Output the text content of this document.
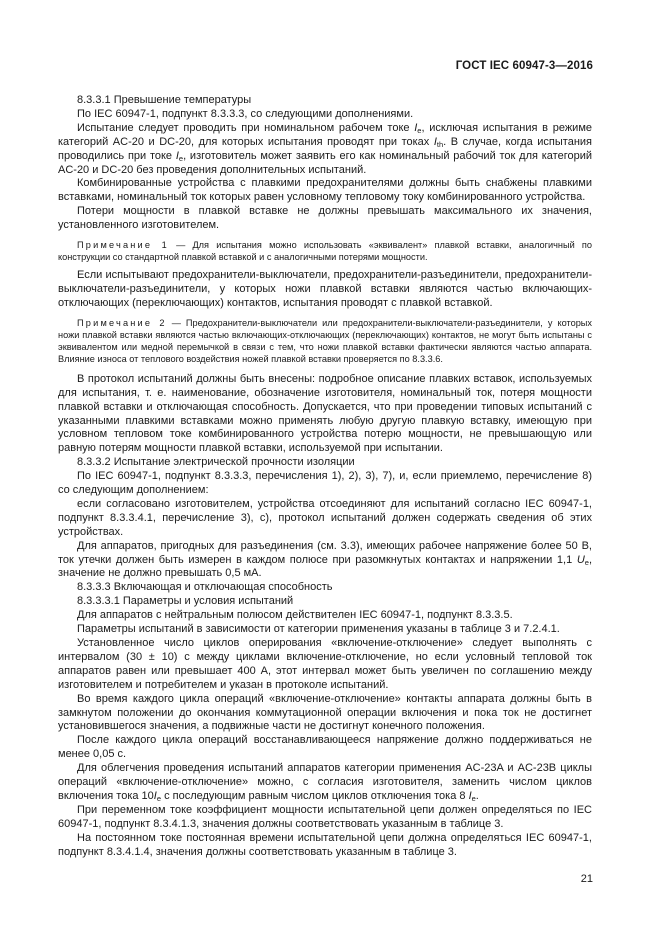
ГОСТ IEC 60947-3—2016

8.3.3.1 Превышение температуры

По IEC 60947-1, подпункт 8.3.3.3, со следующими дополнениями.

Испытание следует проводить при номинальном рабочем токе $I_e$, исключая испытания в режиме категорий AC-20 и DC-20, для которых испытания проводят при токах $I_{th}$. В случае, когда испытания проводились при токе $I_e$, изготовитель может заявить его как номинальный рабочий ток для категорий AC-20 и DC-20 без проведения дополнительных испытаний.

Комбинированные устройства с плавкими предохранителями должны быть снабжены плавкими вставками, номинальный ток которых равен условному тепловому току комбинированного устройства.

Потери мощности в плавкой вставке не должны превышать максимального их значения, установленного изготовителем.

Примечание 1 — Для испытания можно использовать «эквивалент» плавкой вставки, аналогичный по конструкции со стандартной плавкой вставкой и с аналогичными потерями мощности.

Если испытывают предохранители-выключатели, предохранители-разъединители, предохранители-выключатели-разъединители, у которых ножи плавкой вставки являются частью включающих-отключающих (переключающих) контактов, испытания проводят с плавкой вставкой.

Примечание 2 — Предохранители-выключатели или предохранители-выключатели-разъединители, у которых ножи плавкой вставки являются частью включающих-отключающих (переключающих) контактов, не могут быть испытаны с эквивалентом или медной перемычкой в связи с тем, что ножи плавкой вставки фактически являются частью аппарата. Влияние износа от теплового воздействия ножей плавкой вставки проверяется по 8.3.3.6.

В протокол испытаний должны быть внесены: подробное описание плавких вставок, используемых для испытания, т. е. наименование, обозначение изготовителя, номинальный ток, потеря мощности плавкой вставки и отключающая способность. Допускается, что при проведении типовых испытаний с указанными плавкими вставками можно применять любую другую плавкую вставку, имеющую при условном тепловом токе комбинированного устройства потерю мощности, не превышающую или равную потерям мощности плавкой вставки, используемой при испытании.

8.3.3.2 Испытание электрической прочности изоляции

По IEC 60947-1, подпункт 8.3.3.3, перечисления 1), 2), 3), 7), и, если приемлемо, перечисление 8) со следующим дополнением:

если согласовано изготовителем, устройства отсоединяют для испытаний согласно IEC 60947-1, подпункт 8.3.3.4.1, перечисление 3), с), протокол испытаний должен содержать сведения об этих устройствах.

Для аппаратов, пригодных для разъединения (см. 3.3), имеющих рабочее напряжение более 50 В, ток утечки должен быть измерен в каждом полюсе при разомкнутых контактах и напряжении 1,1 $U_e$, значение не должно превышать 0,5 мА.

8.3.3.3 Включающая и отключающая способность

8.3.3.3.1 Параметры и условия испытаний

Для аппаратов с нейтральным полюсом действителен IEC 60947-1, подпункт 8.3.3.5.

Параметры испытаний в зависимости от категории применения указаны в таблице 3 и 7.2.4.1.

Установленное число циклов оперирования «включение-отключение» следует выполнять с интервалом (30 ± 10) с между циклами включение-отключение, но если условный тепловой ток аппаратов равен или превышает 400 А, этот интервал может быть увеличен по соглашению между изготовителем и потребителем и указан в протоколе испытаний.

Во время каждого цикла операций «включение-отключение» контакты аппарата должны быть в замкнутом положении до окончания коммутационной операции включения и пока ток не достигнет установившегося значения, а подвижные части не достигнут конечного положения.

После каждого цикла операций восстанавливающееся напряжение должно поддерживаться не менее 0,05 с.

Для облегчения проведения испытаний аппаратов категории применения AC-23A и AC-23B циклы операций «включение-отключение» можно, с согласия изготовителя, заменить числом циклов включения тока $10I_e$ с последующим равным числом циклов отключения тока 8 $I_e$.

При переменном токе коэффициент мощности испытательной цепи должен определяться по IEC 60947-1, подпункт 8.3.4.1.3, значения должны соответствовать указанным в таблице 3.

На постоянном токе постоянная времени испытательной цепи должна определяться IEC 60947-1, подпункт 8.3.4.1.4, значения должны соответствовать указанным в таблице 3.

21
